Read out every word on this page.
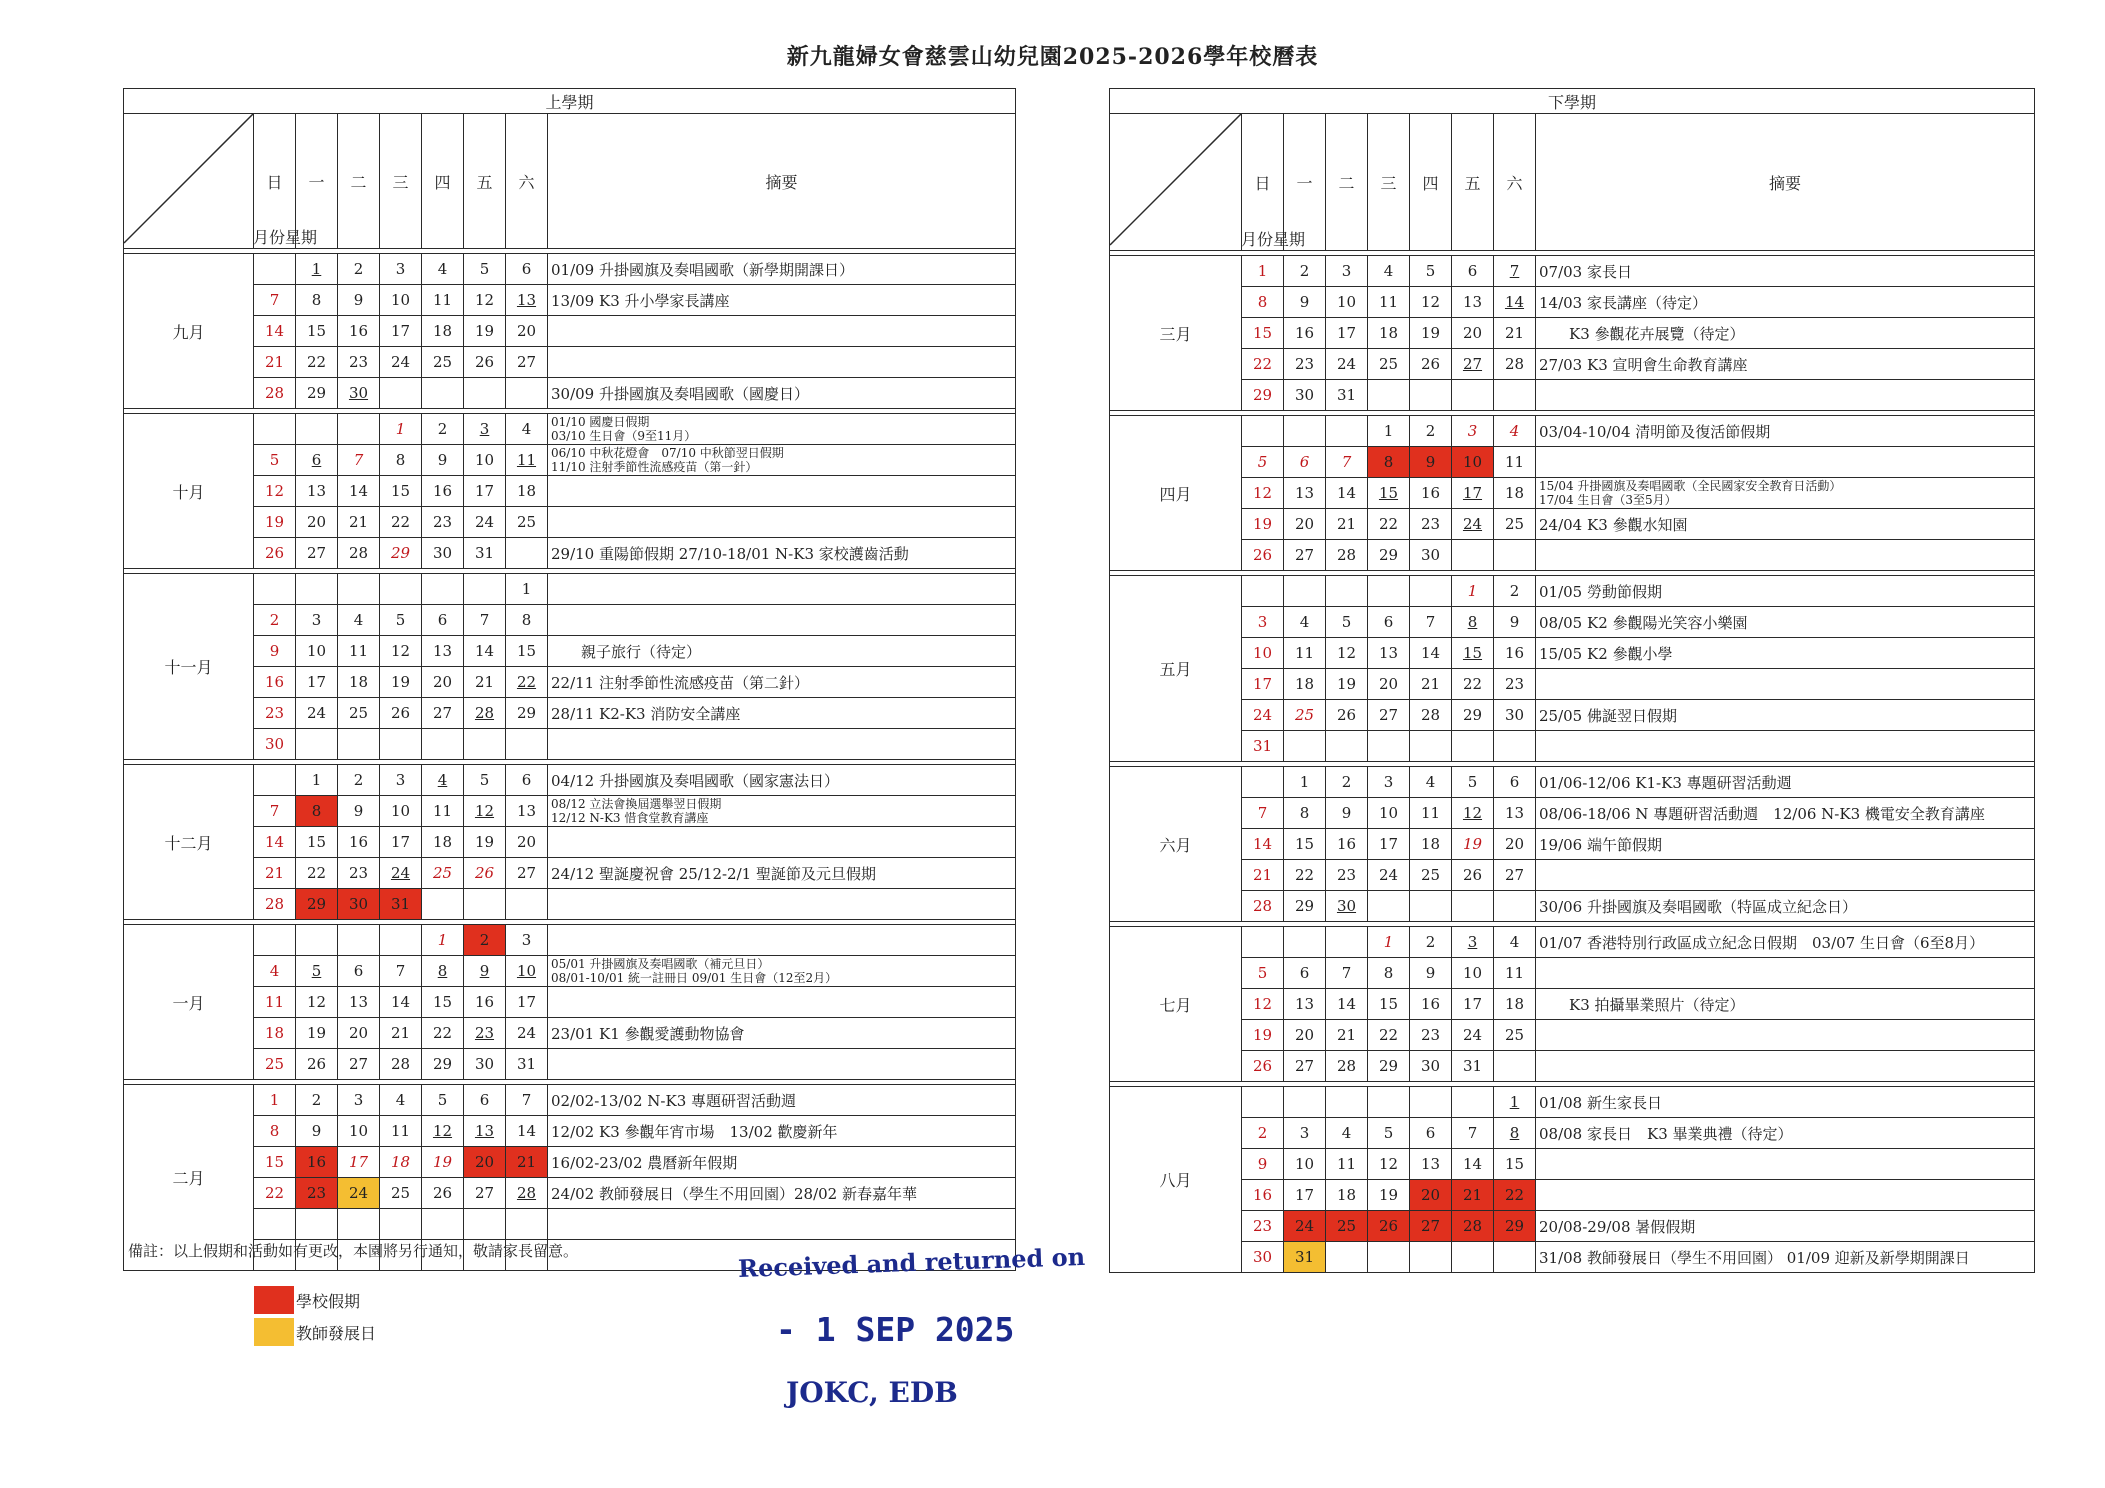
新九龍婦女會慈雲山幼兒園2025-2026學年校曆表
上學期								
月份星期	日	一	二	三	四	五	六	摘要

九月		1	2	3	4	5	6	01/09 升掛國旗及奏唱國歌（新學期開課日）
	7	8	9	10	11	12	13	13/09 K3 升小學家長講座
	14	15	16	17	18	19	20	
	21	22	23	24	25	26	27	
	28	29	30					30/09 升掛國旗及奏唱國歌（國慶日）

十月				1	2	3	4	01/10 國慶日假期
03/10 生日會（9至11月）

	5	6	7	8	9	10	11	06/10 中秋花燈會　07/10 中秋節翌日假期
11/10 注射季節性流感疫苗（第一針）

	12	13	14	15	16	17	18	
	19	20	21	22	23	24	25	
	26	27	28	29	30	31		29/10 重陽節假期 27/10-18/01 N-K3 家校護齒活動

十一月							1	
	2	3	4	5	6	7	8	
	9	10	11	12	13	14	15	　　親子旅行（待定）
	16	17	18	19	20	21	22	22/11 注射季節性流感疫苗（第二針）
	23	24	25	26	27	28	29	28/11 K2-K3 消防安全講座
	30							

十二月		1	2	3	4	5	6	04/12 升掛國旗及奏唱國歌（國家憲法日）
	7	8	9	10	11	12	13	08/12 立法會換屆選舉翌日假期
12/12 N-K3 惜食堂教育講座

	14	15	16	17	18	19	20	
	21	22	23	24	25	26	27	24/12 聖誕慶祝會 25/12-2/1 聖誕節及元旦假期
	28	29	30	31				

一月					1	2	3	
	4	5	6	7	8	9	10	05/01 升掛國旗及奏唱國歌（補元旦日）
08/01-10/01 統一註冊日 09/01 生日會（12至2月）

	11	12	13	14	15	16	17	
	18	19	20	21	22	23	24	23/01 K1 參觀愛護動物協會
	25	26	27	28	29	30	31	

二月	1	2	3	4	5	6	7	02/02-13/02 N-K3 專題研習活動週
	8	9	10	11	12	13	14	12/02 K3 參觀年宵市場　13/02 歡慶新年
	15	16	17	18	19	20	21	16/02-23/02 農曆新年假期
	22	23	24	25	26	27	28	24/02 教師發展日（學生不用回園）28/02 新春嘉年華

下學期								
月份星期	日	一	二	三	四	五	六	摘要

三月	1	2	3	4	5	6	7	07/03 家長日
	8	9	10	11	12	13	14	14/03 家長講座（待定）
	15	16	17	18	19	20	21	　　K3 參觀花卉展覽（待定）
	22	23	24	25	26	27	28	27/03 K3 宣明會生命教育講座
	29	30	31					

四月				1	2	3	4	03/04-10/04 清明節及復活節假期
	5	6	7	8	9	10	11	
	12	13	14	15	16	17	18	15/04 升掛國旗及奏唱國歌（全民國家安全教育日活動）
17/04 生日會（3至5月）

	19	20	21	22	23	24	25	24/04 K3 參觀水知園
	26	27	28	29	30			

五月						1	2	01/05 勞動節假期
	3	4	5	6	7	8	9	08/05 K2 參觀陽光笑容小樂園
	10	11	12	13	14	15	16	15/05 K2 參觀小學
	17	18	19	20	21	22	23	
	24	25	26	27	28	29	30	25/05 佛誕翌日假期
	31							

六月		1	2	3	4	5	6	01/06-12/06 K1-K3 專題研習活動週
	7	8	9	10	11	12	13	08/06-18/06 N 專題研習活動週　12/06 N-K3 機電安全教育講座
	14	15	16	17	18	19	20	19/06 端午節假期
	21	22	23	24	25	26	27	
	28	29	30					30/06 升掛國旗及奏唱國歌（特區成立紀念日）

七月				1	2	3	4	01/07 香港特別行政區成立紀念日假期　03/07 生日會（6至8月）
	5	6	7	8	9	10	11	
	12	13	14	15	16	17	18	　　K3 拍攝畢業照片（待定）
	19	20	21	22	23	24	25	
	26	27	28	29	30	31		

八月							1	01/08 新生家長日
	2	3	4	5	6	7	8	08/08 家長日　K3 畢業典禮（待定）
	9	10	11	12	13	14	15	
	16	17	18	19	20	21	22	
	23	24	25	26	27	28	29	20/08-29/08 暑假假期
	30	31						31/08 教師發展日（學生不用回園） 01/09 迎新及新學期開課日
備註：以上假期和活動如有更改，本園將另行通知，敬請家長留意。
學校假期
教師發展日
Received and returned on
- 1 SEP 2025
JOKC, EDB
